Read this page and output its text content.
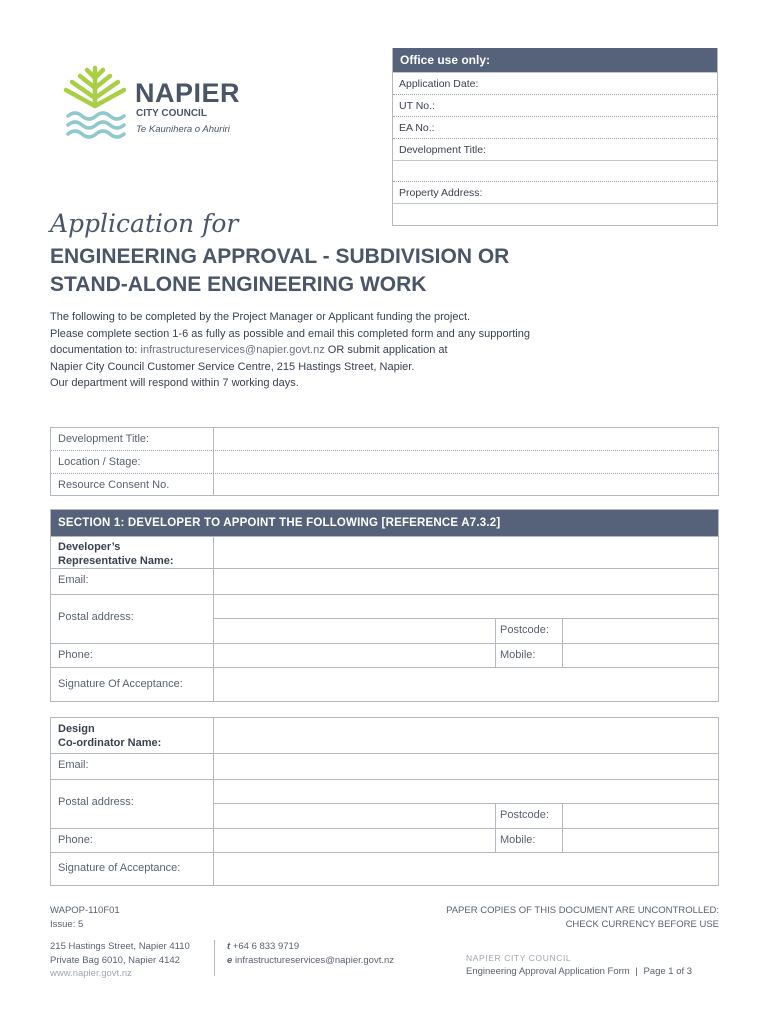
NAPIER
CITY COUNCIL
Te Kaunihera o Ahuriri
Office use only:
Application Date:
UT No.:
EA No.:
Development Title:
Property Address:
Application for
ENGINEERING APPROVAL - SUBDIVISION OR
STAND-ALONE ENGINEERING WORK
The following to be completed by the Project Manager or Applicant funding the project.
Please complete section 1-6 as fully as possible and email this completed form and any supporting
documentation to: infrastructureservices@napier.govt.nz OR submit application at
Napier City Council Customer Service Centre, 215 Hastings Street, Napier.
Our department will respond within 7 working days.
Development Title:
Location / Stage:
Resource Consent No.
SECTION 1: DEVELOPER TO APPOINT THE FOLLOWING [REFERENCE A7.3.2]
Developer’s
Representative Name:
Email:
Postal address:
Postcode:
Phone:	Mobile:
Signature Of Acceptance:
Design
Co-ordinator Name:
Email:
Postal address:
Postcode:
Phone:	Mobile:
Signature of Acceptance:
WAPOP-110F01
Issue: 5
PAPER COPIES OF THIS DOCUMENT ARE UNCONTROLLED:
CHECK CURRENCY BEFORE USE
215 Hastings Street, Napier 4110
Private Bag 6010, Napier 4142
www.napier.govt.nz
t +64 6 833 9719
e infrastructureservices@napier.govt.nz	NAPIER CITY COUNCIL
Engineering Approval Application Form | Page 1 of 3
